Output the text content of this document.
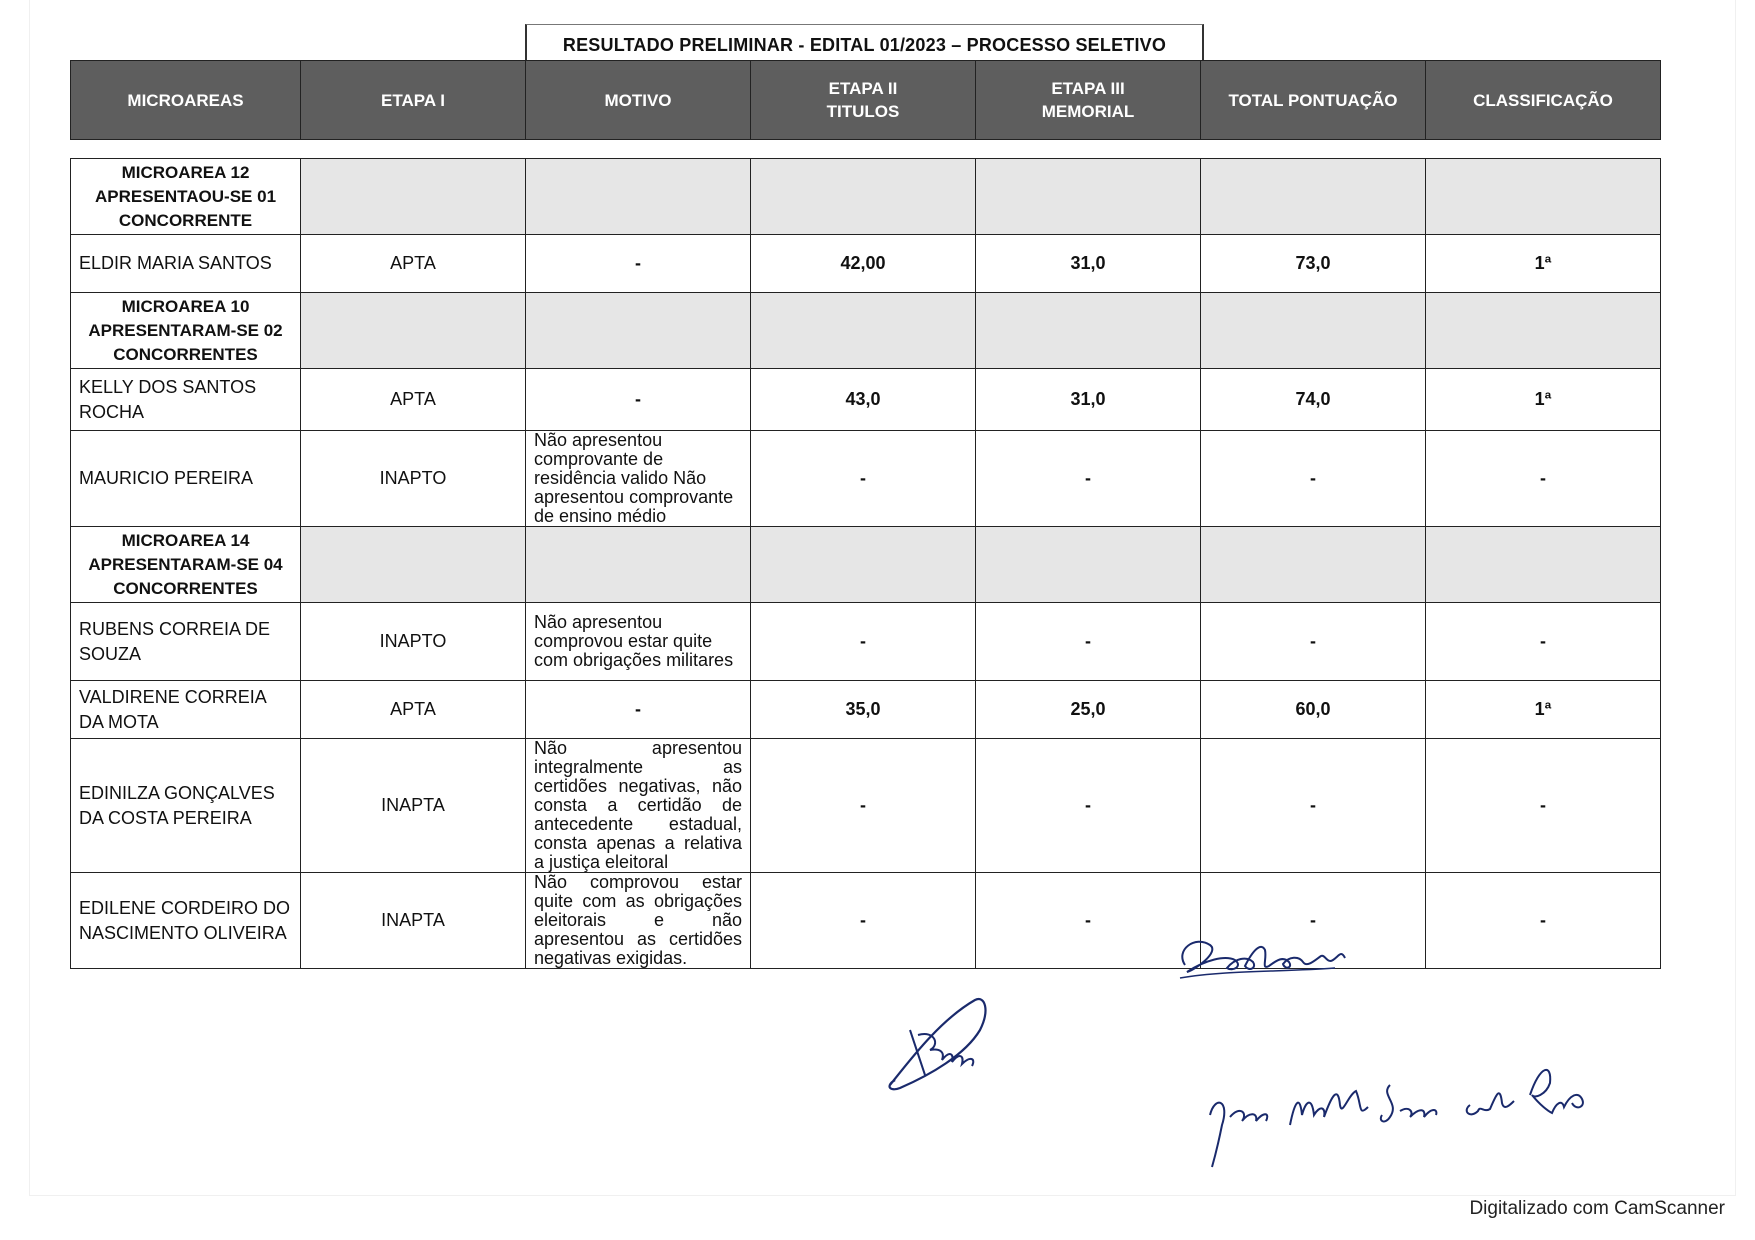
RESULTADO PRELIMINAR - EDITAL 01/2023 – PROCESSO SELETIVO
MICROAREAS	ETAPA I	MOTIVO	ETAPA II TITULOS	ETAPA III MEMORIAL	TOTAL PONTUAÇÃO	CLASSIFICAÇÃO
MICROAREA 12 APRESENTAOU-SE 01 CONCORRENTE						
ELDIR MARIA SANTOS	APTA	-	42,00	31,0	73,0	1ª
MICROAREA 10 APRESENTARAM-SE 02 CONCORRENTES						
KELLY DOS SANTOS ROCHA	APTA	-	43,0	31,0	74,0	1ª
MAURICIO PEREIRA	INAPTO	Não apresentou comprovante de residência valido Não apresentou comprovante de ensino médio	-	-	-	-
MICROAREA 14 APRESENTARAM-SE 04 CONCORRENTES						
RUBENS CORREIA DE SOUZA	INAPTO	Não apresentou comprovou estar quite com obrigações militares	-	-	-	-
VALDIRENE CORREIA DA MOTA	APTA	-	35,0	25,0	60,0	1ª
EDINILZA GONÇALVES DA COSTA PEREIRA	INAPTA	Não apresentou integralmente as certidões negativas, não consta a certidão de antecedente estadual, consta apenas a relativa a justiça eleitoral	-	-	-	-
EDILENE CORDEIRO DO NASCIMENTO OLIVEIRA	INAPTA	Não comprovou estar quite com as obrigações eleitorais e não apresentou as certidões negativas exigidas.	-	-	-	-
Digitalizado com CamScanner
